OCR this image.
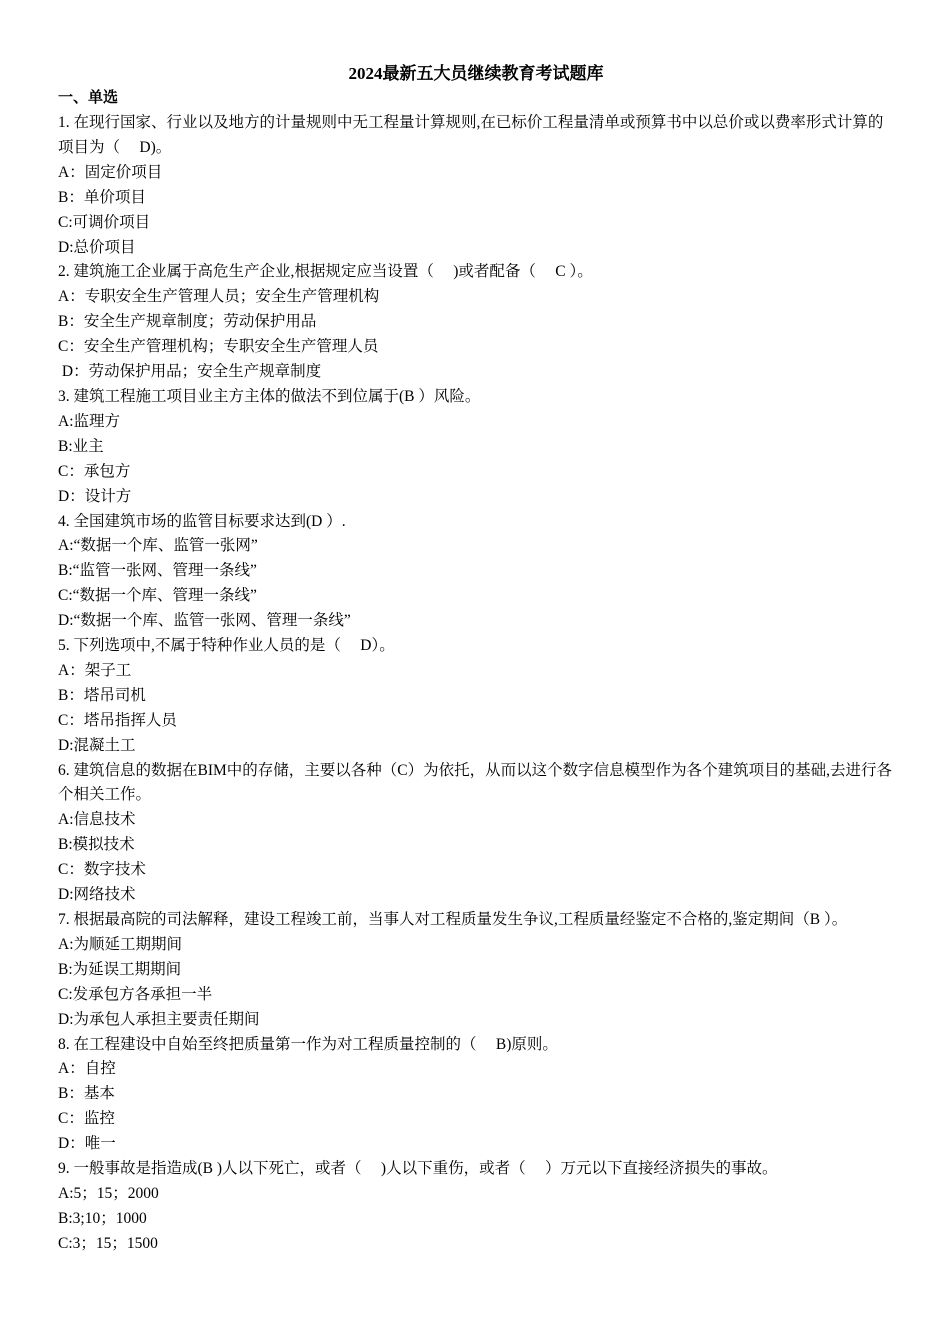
2024最新五大员继续教育考试题库
一、单选
1. 在现行国家、行业以及地方的计量规则中无工程量计算规则,在已标价工程量清单或预算书中以总价或以费率形式计算的项目为（　 D)。
A：固定价项目
B：单价项目
C:可调价项目
D:总价项目
2. 建筑施工企业属于高危生产企业,根据规定应当设置（　 )或者配备（　 C ）。
A：专职安全生产管理人员；安全生产管理机构
B：安全生产规章制度；劳动保护用品
C：安全生产管理机构；专职安全生产管理人员
D：劳动保护用品；安全生产规章制度
3. 建筑工程施工项目业主方主体的做法不到位属于(B ）风险。
A:监理方
B:业主
C：承包方
D：设计方
4. 全国建筑市场的监管目标要求达到(D ）.
A:“数据一个库、监管一张网”
B:“监管一张网、管理一条线”
C:“数据一个库、管理一条线”
D:“数据一个库、监管一张网、管理一条线”
5. 下列选项中,不属于特种作业人员的是（　 D）。
A：架子工
B：塔吊司机
C：塔吊指挥人员
D:混凝土工
6. 建筑信息的数据在BIM中的存储，主要以各种（C）为依托，从而以这个数字信息模型作为各个建筑项目的基础,去进行各个相关工作。
A:信息技术
B:模拟技术
C：数字技术
D:网络技术
7. 根据最高院的司法解释，建设工程竣工前，当事人对工程质量发生争议,工程质量经鉴定不合格的,鉴定期间（B ）。
A:为顺延工期期间
B:为延误工期期间
C:发承包方各承担一半
D:为承包人承担主要责任期间
8. 在工程建设中自始至终把质量第一作为对工程质量控制的（　 B)原则。
A：自控
B：基本
C：监控
D：唯一
9. 一般事故是指造成(B )人以下死亡，或者（　 )人以下重伤，或者（　 ）万元以下直接经济损失的事故。
A:5；15；2000
B:3;10；1000
C:3；15；1500
